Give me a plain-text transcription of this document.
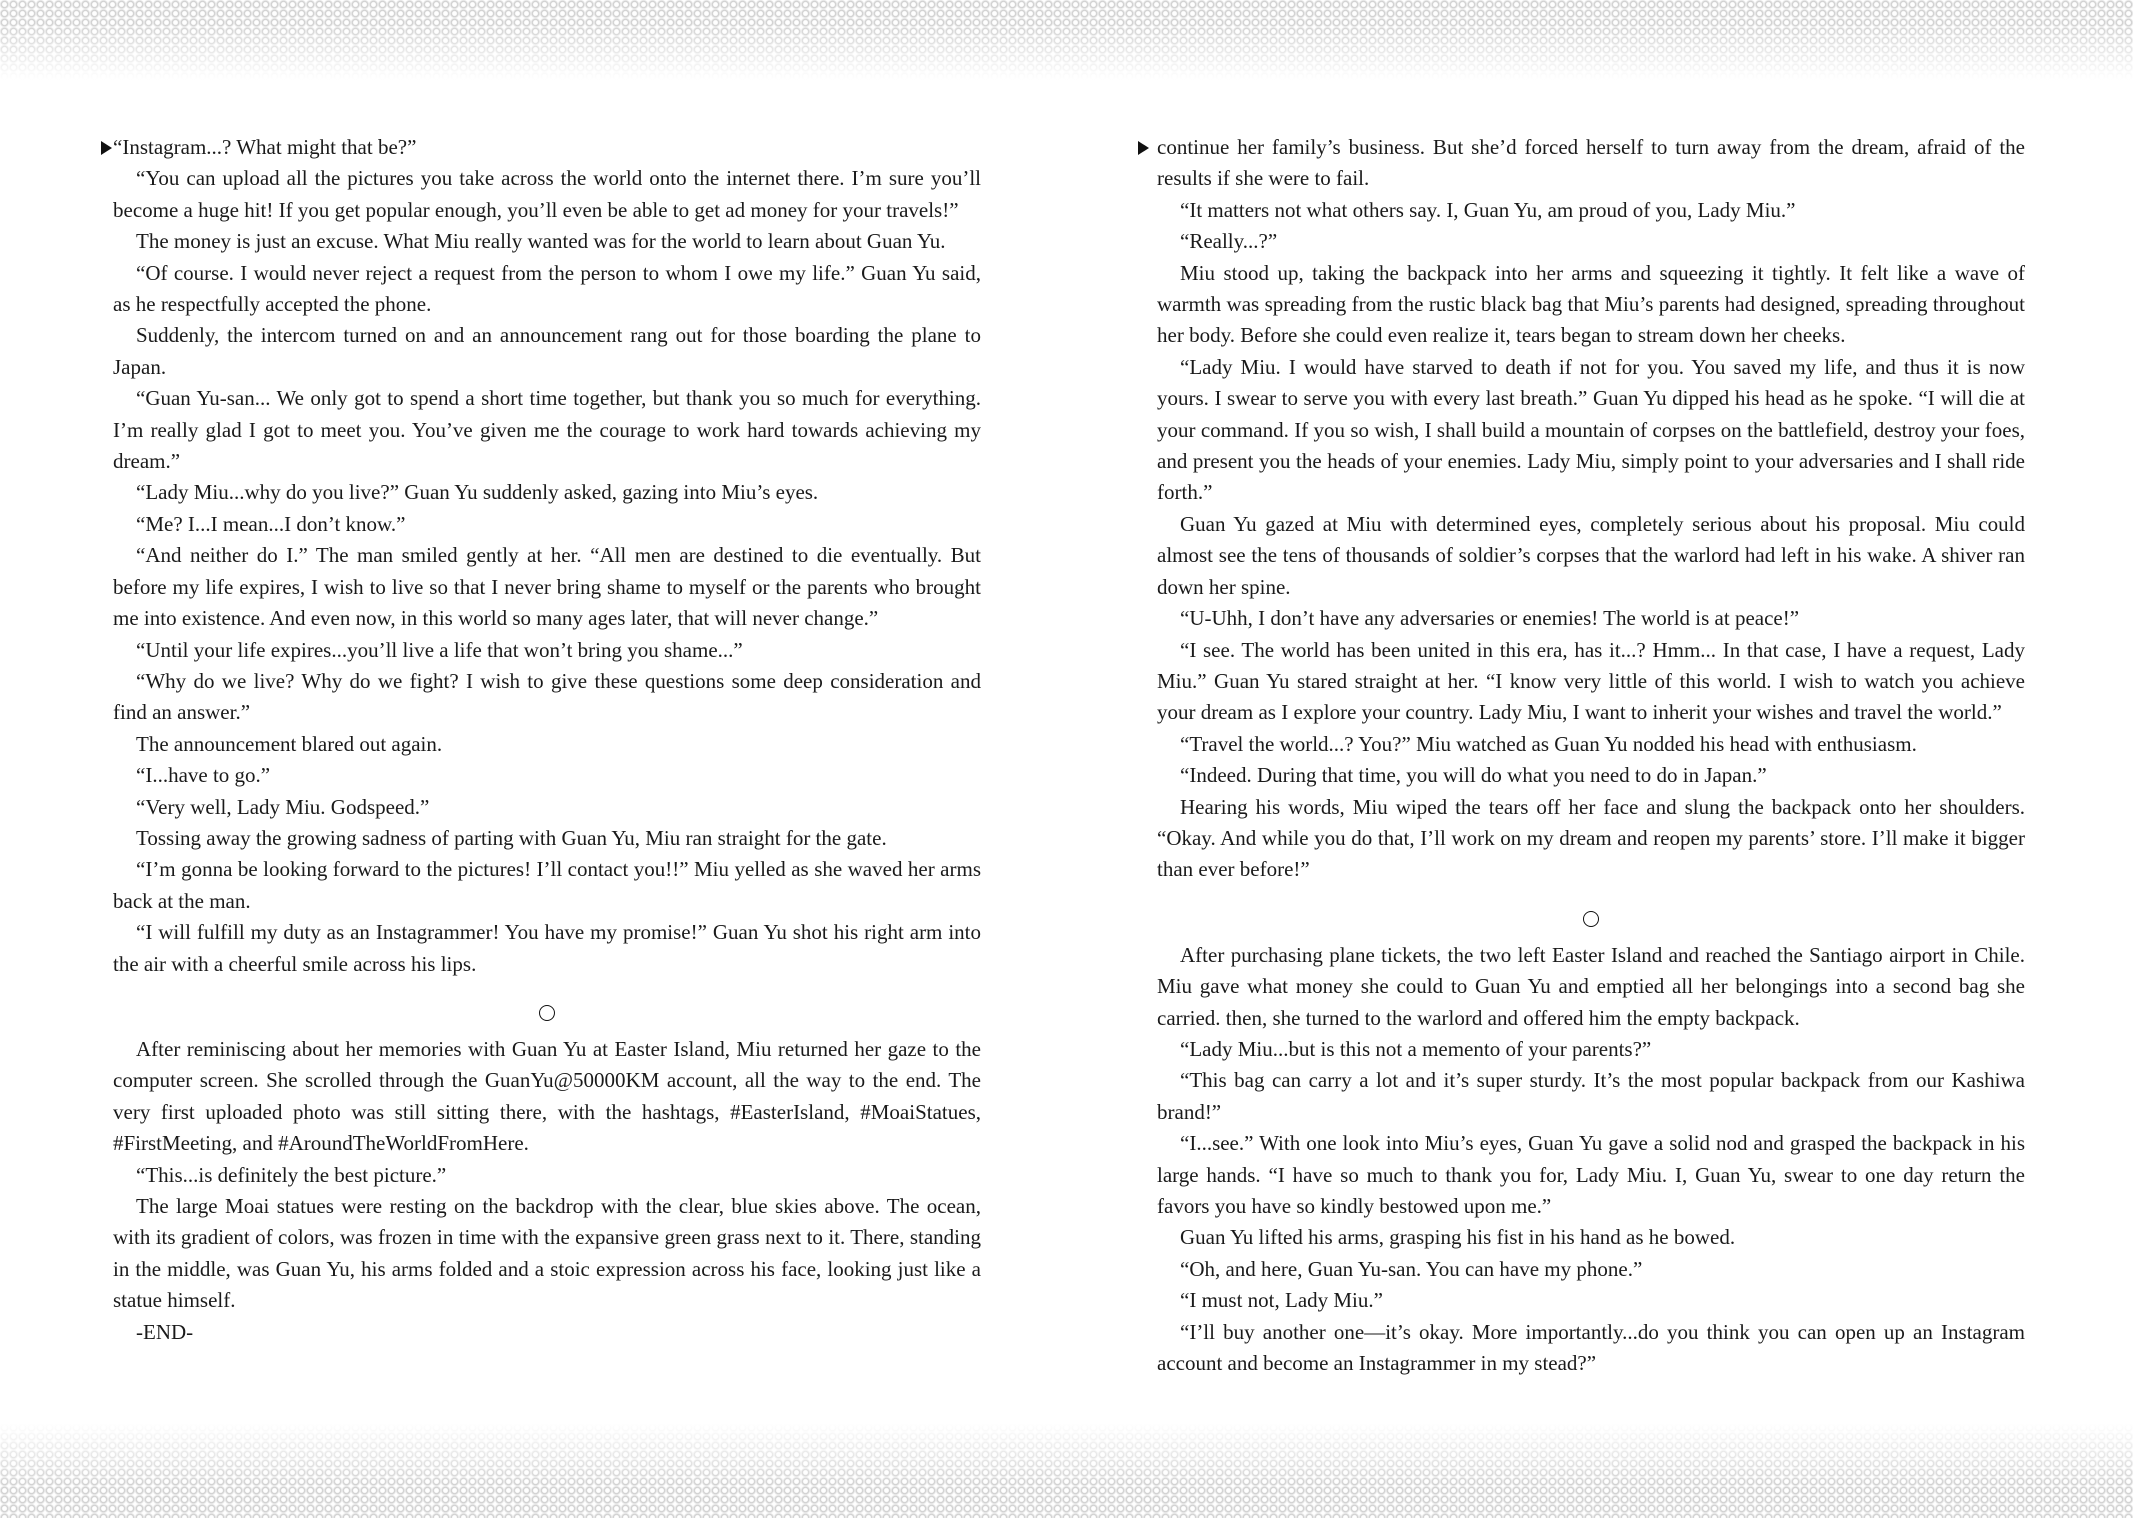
“Instagram...? What might that be?”

“You can upload all the pictures you take across the world onto the internet there. I’m sure you’ll become a huge hit! If you get popular enough, you’ll even be able to get ad money for your travels!”

The money is just an excuse. What Miu really wanted was for the world to learn about Guan Yu.

“Of course. I would never reject a request from the person to whom I owe my life.” Guan Yu said, as he respectfully accepted the phone.

Suddenly, the intercom turned on and an announcement rang out for those boarding the plane to Japan.

“Guan Yu-san... We only got to spend a short time together, but thank you so much for everything. I’m really glad I got to meet you. You’ve given me the courage to work hard towards achieving my dream.”

“Lady Miu...why do you live?” Guan Yu suddenly asked, gazing into Miu’s eyes.

“Me? I...I mean...I don’t know.”

“And neither do I.” The man smiled gently at her. “All men are destined to die eventually. But before my life expires, I wish to live so that I never bring shame to myself or the parents who brought me into existence. And even now, in this world so many ages later, that will never change.”

“Until your life expires...you’ll live a life that won’t bring you shame...”

“Why do we live? Why do we fight? I wish to give these questions some deep consideration and find an answer.”

The announcement blared out again.

“I...have to go.”

“Very well, Lady Miu. Godspeed.”

Tossing away the growing sadness of parting with Guan Yu, Miu ran straight for the gate.

“I’m gonna be looking forward to the pictures! I’ll contact you!!” Miu yelled as she waved her arms back at the man.

“I will fulfill my duty as an Instagrammer! You have my promise!” Guan Yu shot his right arm into the air with a cheerful smile across his lips.

After reminiscing about her memories with Guan Yu at Easter Island, Miu returned her gaze to the computer screen. She scrolled through the GuanYu@50000KM account, all the way to the end. The very first uploaded photo was still sitting there, with the hashtags, #EasterIsland, #MoaiStatues, #FirstMeeting, and #AroundTheWorldFromHere.

“This...is definitely the best picture.”

The large Moai statues were resting on the backdrop with the clear, blue skies above. The ocean, with its gradient of colors, was frozen in time with the expansive green grass next to it. There, standing in the middle, was Guan Yu, his arms folded and a stoic expression across his face, looking just like a statue himself.

-END-

continue her family’s business. But she’d forced herself to turn away from the dream, afraid of the results if she were to fail.

“It matters not what others say. I, Guan Yu, am proud of you, Lady Miu.”

“Really...?”

Miu stood up, taking the backpack into her arms and squeezing it tightly. It felt like a wave of warmth was spreading from the rustic black bag that Miu’s parents had designed, spreading throughout her body. Before she could even realize it, tears began to stream down her cheeks.

“Lady Miu. I would have starved to death if not for you. You saved my life, and thus it is now yours. I swear to serve you with every last breath.” Guan Yu dipped his head as he spoke. “I will die at your command. If you so wish, I shall build a mountain of corpses on the battlefield, destroy your foes, and present you the heads of your enemies. Lady Miu, simply point to your adversaries and I shall ride forth.”

Guan Yu gazed at Miu with determined eyes, completely serious about his proposal. Miu could almost see the tens of thousands of soldier’s corpses that the warlord had left in his wake. A shiver ran down her spine.

“U-Uhh, I don’t have any adversaries or enemies! The world is at peace!”

“I see. The world has been united in this era, has it...? Hmm... In that case, I have a request, Lady Miu.” Guan Yu stared straight at her. “I know very little of this world. I wish to watch you achieve your dream as I explore your country. Lady Miu, I want to inherit your wishes and travel the world.”

“Travel the world...? You?” Miu watched as Guan Yu nodded his head with enthusiasm.

“Indeed. During that time, you will do what you need to do in Japan.”

Hearing his words, Miu wiped the tears off her face and slung the backpack onto her shoulders. “Okay. And while you do that, I’ll work on my dream and reopen my parents’ store. I’ll make it bigger than ever before!”

After purchasing plane tickets, the two left Easter Island and reached the Santiago airport in Chile. Miu gave what money she could to Guan Yu and emptied all her belongings into a second bag she carried. then, she turned to the warlord and offered him the empty backpack.

“Lady Miu...but is this not a memento of your parents?”

“This bag can carry a lot and it’s super sturdy. It’s the most popular backpack from our Kashiwa brand!”

“I...see.” With one look into Miu’s eyes, Guan Yu gave a solid nod and grasped the backpack in his large hands. “I have so much to thank you for, Lady Miu. I, Guan Yu, swear to one day return the favors you have so kindly bestowed upon me.”

Guan Yu lifted his arms, grasping his fist in his hand as he bowed.

“Oh, and here, Guan Yu-san. You can have my phone.”

“I must not, Lady Miu.”

“I’ll buy another one—it’s okay. More importantly...do you think you can open up an Instagram account and become an Instagrammer in my stead?”
